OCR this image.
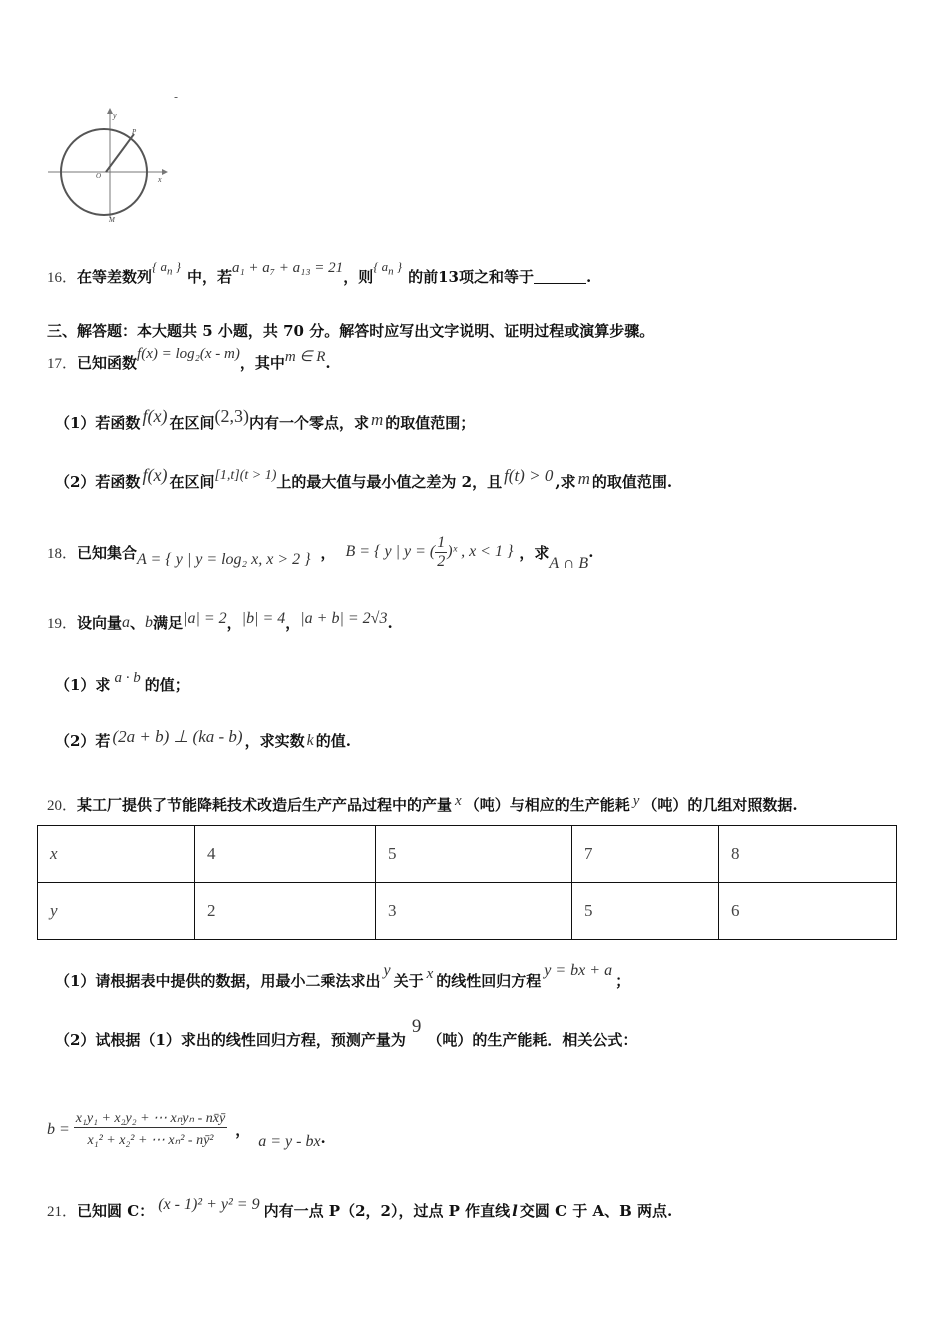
y
x
O
P
M
-
16． 在等差数列
{ $a_n$ }
中，若 a₁ + a₇ + a₁₃ = 21 ，则
{ $a_n$ }
的前 13 项之和等于	.
三、解答题：本大题共 5 小题，共 70 分。解答时应写出文字说明、证明过程或演算步骤。
17． 已知函数 f(x) = log₂(x - m) ，其中 m ∈ R .
（1）若函数 f(x) 在区间 (2,3) 内有一个零点，求 m 的取值范围；
（2）若函数 f(x) 在区间 [1,t](t > 1) 上的最大值与最小值之差为 2，且 f(t) > 0 ,求 m 的取值范围.
18． 已知集合 A = { y | y = log₂ x, x > 2 } ， B = { y | y = ( $\frac{1}{2}$ )ˣ , x < 1 } ，求
A ∩ B
.
19． 设向量 a 、 b 满足 |a| = 2 ， |b| = 4 ， |a + b| = 2√3 .
（1）求 a · b 的值；
（2）若 (2a + b) ⊥ (ka - b) ，求实数 k 的值.
20． 某工厂提供了节能降耗技术改造后生产产品过程中的产量 x （吨）与相应的生产能耗 y （吨）的几组对照数据.
x	4	5	7	8
y	2	3	5	6
（1）请根据表中提供的数据，用最小二乘法求出
y
关于 x 的线性回归方程
y = bx + a
；
（2）试根据（1）求出的线性回归方程，预测产量为
9
（吨）的生产能耗．相关公式：
$b = \frac{\text{x₁y₁ + x₂y₂ + ⋯ xₙyₙ - nx̄ȳ}}{\text{x₁² + x₂² + ⋯ xₙ² - nȳ²}}$ ，
a = y - bx .
21． 已知圆 C： (x - 1)² + y² = 9 内有一点 P（2，2），过点 P 作直线 l 交圆 C 于 A、B 两点.
